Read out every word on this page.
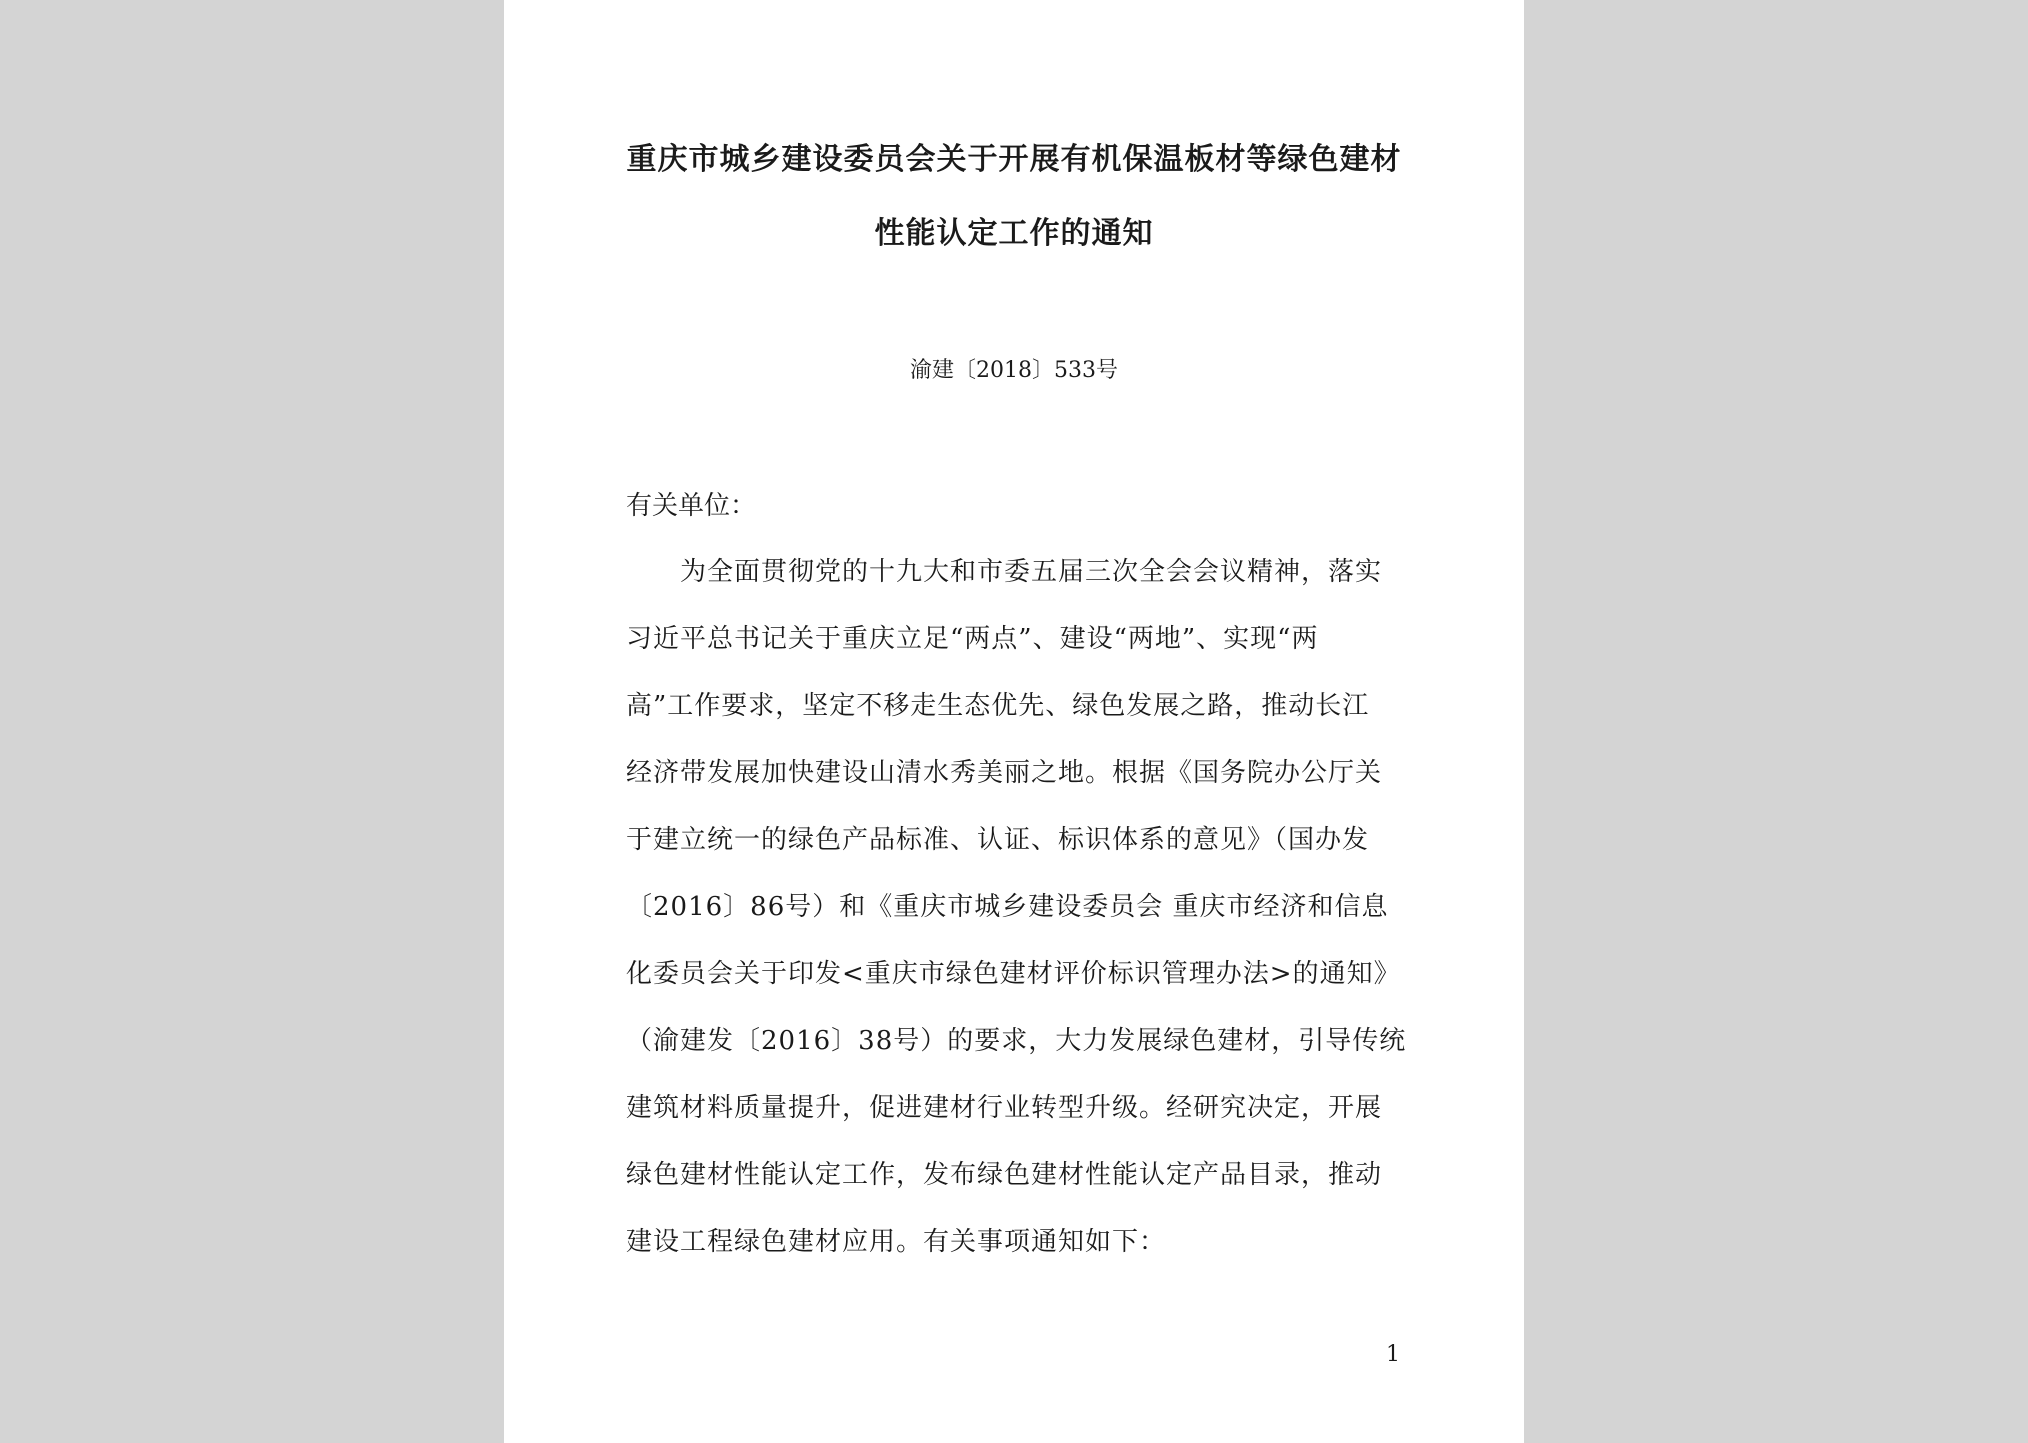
重庆市城乡建设委员会关于开展有机保温板材等绿色建材
性能认定工作的通知
渝建〔2018〕533号
有关单位：
为全面贯彻党的十九大和市委五届三次全会会议精神，落实
习近平总书记关于重庆立足“两点”、建设“两地”、实现“两
高”工作要求，坚定不移走生态优先、绿色发展之路，推动长江
经济带发展加快建设山清水秀美丽之地。根据《国务院办公厅关
于建立统一的绿色产品标准、认证、标识体系的意见》（国办发
〔2016〕86号）和《重庆市城乡建设委员会 重庆市经济和信息
化委员会关于印发<重庆市绿色建材评价标识管理办法>的通知》
（渝建发〔2016〕38号）的要求，大力发展绿色建材，引导传统
建筑材料质量提升，促进建材行业转型升级。经研究决定，开展
绿色建材性能认定工作，发布绿色建材性能认定产品目录，推动
建设工程绿色建材应用。有关事项通知如下：
1
